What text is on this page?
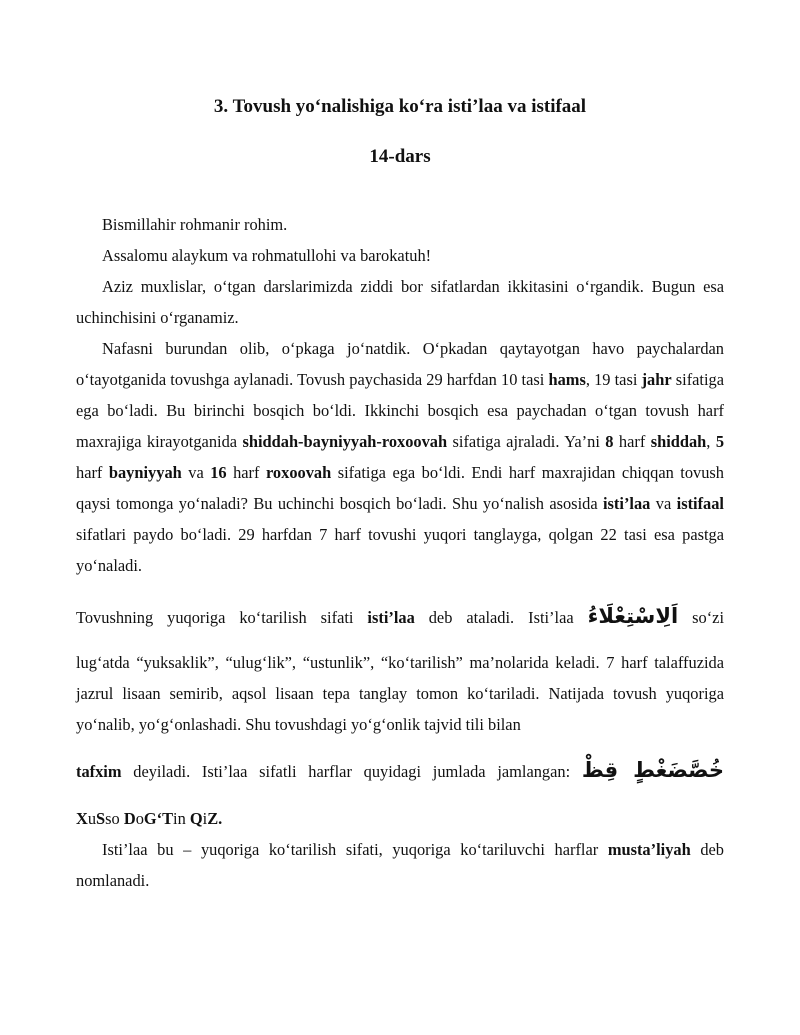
3. Tovush yo‘nalishiga ko‘ra isti’laa va istifaal
14-dars

Bismillahir rohmanir rohim.

Assalomu alaykum va rohmatullohi va barokatuh!

Aziz muxlislar, o‘tgan darslarimizda ziddi bor sifatlardan ikkitasini o‘rgandik. Bugun esa uchinchisini o‘rganamiz.

Nafasni burundan olib, o‘pkaga jo‘natdik. O‘pkadan qaytayotgan havo paychalardan o‘tayotganida tovushga aylanadi. Tovush paychasida 29 harfdan 10 tasi hams, 19 tasi jahr sifatiga ega bo‘ladi. Bu birinchi bosqich bo‘ldi. Ikkinchi bosqich esa paychadan o‘tgan tovush harf maxrajiga kirayotganida shiddah-bayniyyah-roxoovah sifatiga ajraladi. Ya’ni 8 harf shiddah, 5 harf bayniyyah va 16 harf roxoovah sifatiga ega bo‘ldi. Endi harf maxrajidan chiqqan tovush qaysi tomonga yo‘naladi? Bu uchinchi bosqich bo‘ladi. Shu yo‘nalish asosida isti’laa va istifaal sifatlari paydo bo‘ladi. 29 harfdan 7 harf tovushi yuqori tanglayga, qolgan 22 tasi esa pastga yo‘naladi.

Tovushning yuqoriga ko‘tarilish sifati isti’laa deb ataladi. Isti’laa اَلِاسْتِعْلَاءُ so‘zi

lug‘atda “yuksaklik”, “ulug‘lik”, “ustunlik”, “ko‘tarilish” ma’nolarida keladi. 7 harf talaffuzida jazrul lisaan semirib, aqsol lisaan tepa tanglay tomon ko‘tariladi. Natijada tovush yuqoriga yo‘nalib, yo‘g‘onlashadi. Shu tovushdagi yo‘g‘onlik tajvid tili bilan

tafxim deyiladi. Isti’laa sifatli harflar quyidagi jumlada jamlangan: خُصَّضَغْطٍ قِظْ

XuSso DoG‘Tin QiZ.

Isti’laa bu – yuqoriga ko‘tarilish sifati, yuqoriga ko‘tariluvchi harflar musta’liyah deb nomlanadi.
